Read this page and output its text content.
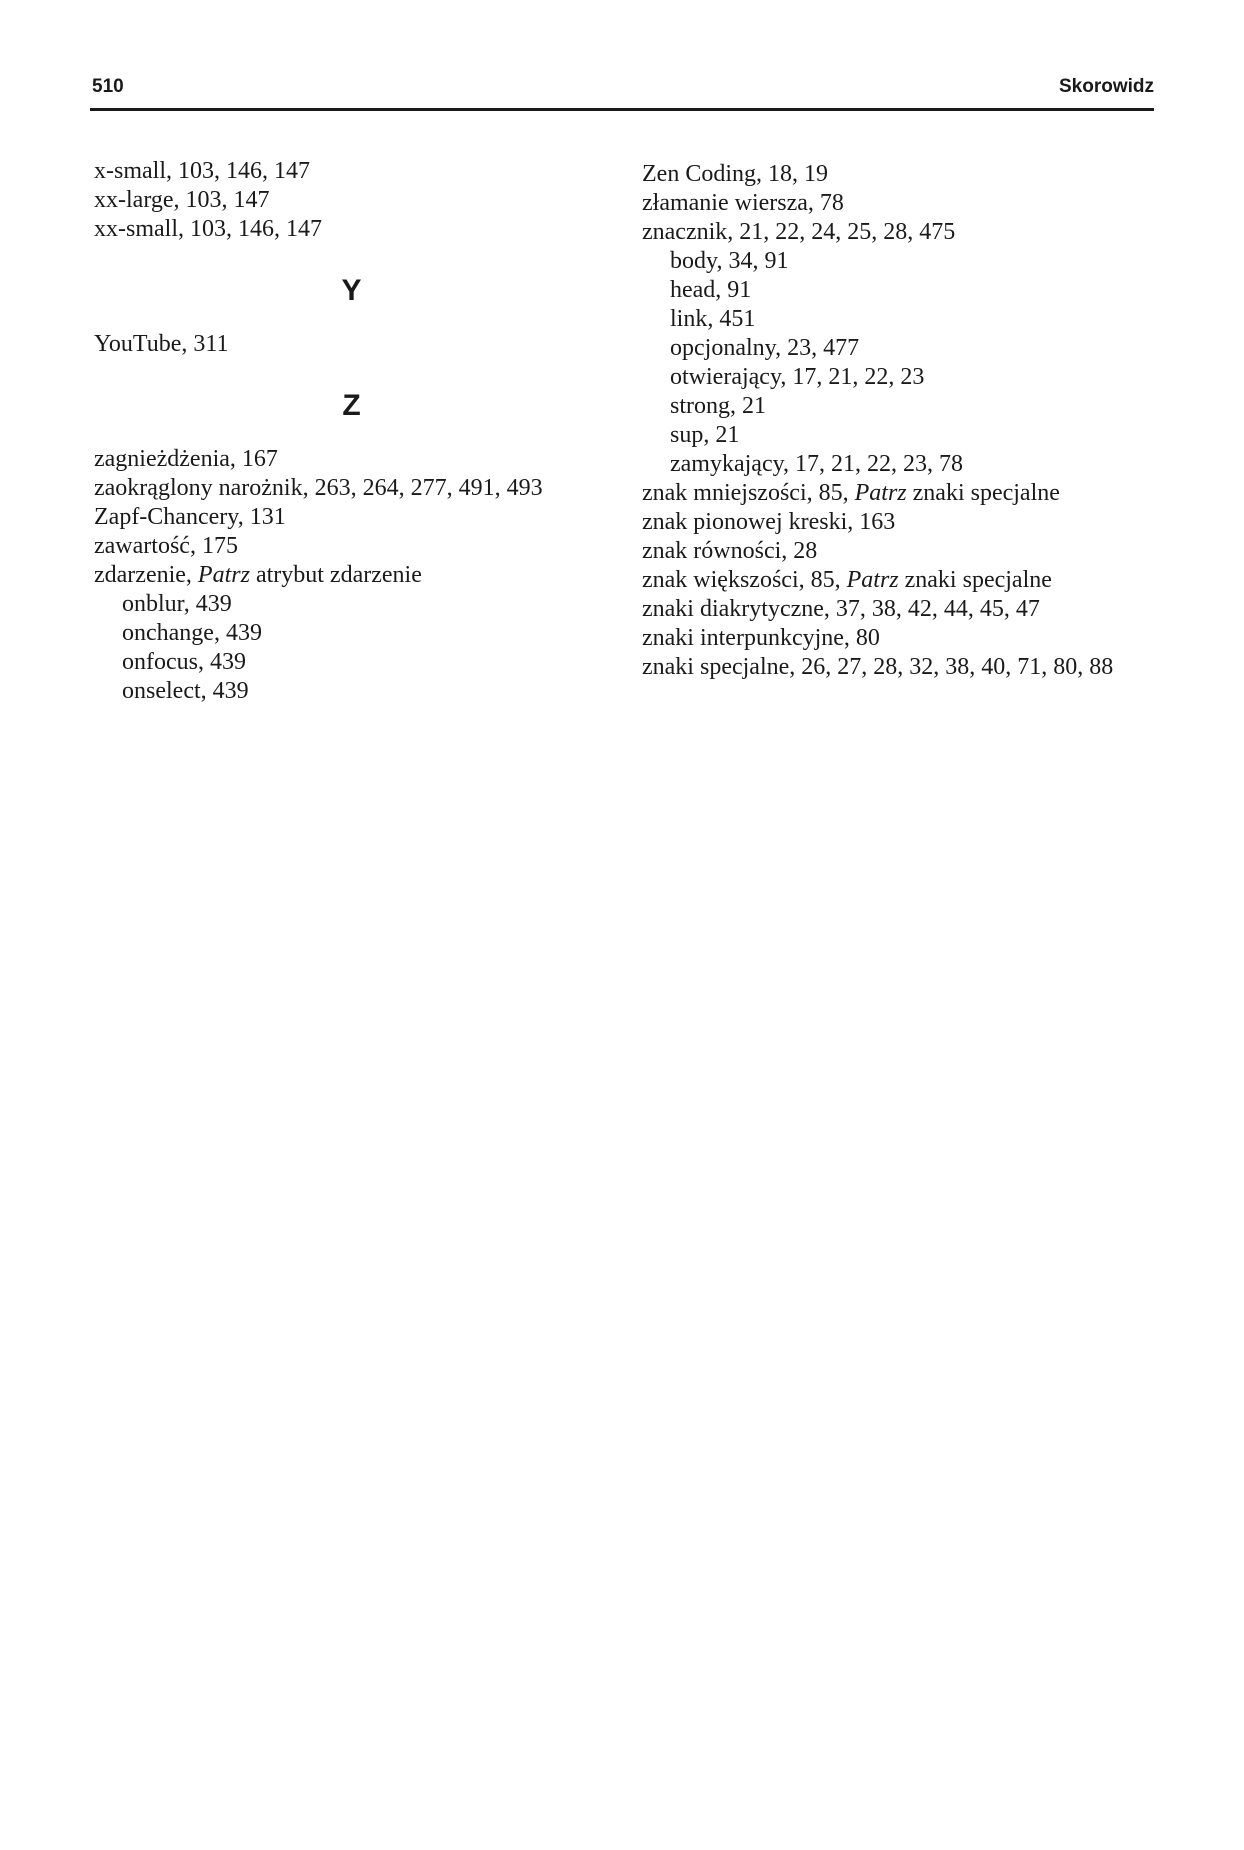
510	Skorowidz
x-small, 103, 146, 147
xx-large, 103, 147
xx-small, 103, 146, 147
Y
YouTube, 311
Z
zagnieżdżenia, 167
zaokrąglony narożnik, 263, 264, 277, 491, 493
Zapf-Chancery, 131
zawartość, 175
zdarzenie, Patrz atrybut zdarzenie
onblur, 439
onchange, 439
onfocus, 439
onselect, 439
Zen Coding, 18, 19
złamanie wiersza, 78
znacznik, 21, 22, 24, 25, 28, 475
body, 34, 91
head, 91
link, 451
opcjonalny, 23, 477
otwierający, 17, 21, 22, 23
strong, 21
sup, 21
zamykający, 17, 21, 22, 23, 78
znak mniejszości, 85, Patrz znaki specjalne
znak pionowej kreski, 163
znak równości, 28
znak większości, 85, Patrz znaki specjalne
znaki diakrytyczne, 37, 38, 42, 44, 45, 47
znaki interpunkcyjne, 80
znaki specjalne, 26, 27, 28, 32, 38, 40, 71, 80, 88
